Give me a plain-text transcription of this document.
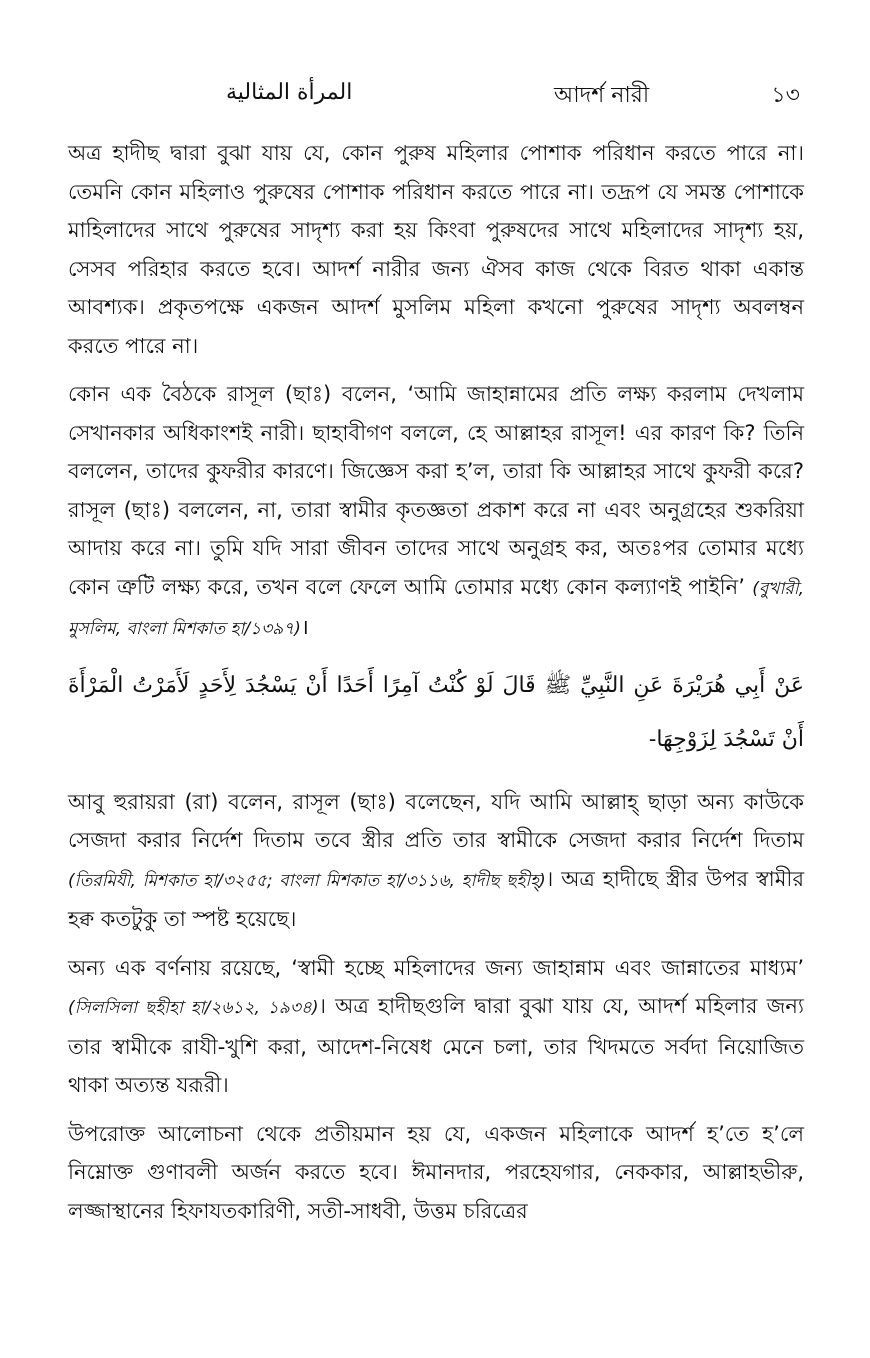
المرأة المثالية	আদর্শ নারী	১৩

অত্র হাদীছ দ্বারা বুঝা যায় যে, কোন পুরুষ মহিলার পোশাক পরিধান করতে পারে না। তেমনি কোন মহিলাও পুরুষের পোশাক পরিধান করতে পারে না। তদ্রূপ যে সমস্ত পোশাকে মাহিলাদের সাথে পুরুষের সাদৃশ্য করা হয় কিংবা পুরুষদের সাথে মহিলাদের সাদৃশ্য হয়, সেসব পরিহার করতে হবে। আদর্শ নারীর জন্য ঐসব কাজ থেকে বিরত থাকা একান্ত আবশ্যক। প্রকৃতপক্ষে একজন আদর্শ মুসলিম মহিলা কখনো পুরুষের সাদৃশ্য অবলম্বন করতে পারে না।

কোন এক বৈঠকে রাসূল (ছাঃ) বলেন, ‘আমি জাহান্নামের প্রতি লক্ষ্য করলাম দেখলাম সেখানকার অধিকাংশই নারী। ছাহাবীগণ বললে, হে আল্লাহর রাসূল! এর কারণ কি? তিনি বললেন, তাদের কুফরীর কারণে। জিজ্ঞেস করা হ’ল, তারা কি আল্লাহর সাথে কুফরী করে? রাসূল (ছাঃ) বললেন, না, তারা স্বামীর কৃতজ্ঞতা প্রকাশ করে না এবং অনুগ্রহের শুকরিয়া আদায় করে না। তুমি যদি সারা জীবন তাদের সাথে অনুগ্রহ কর, অতঃপর তোমার মধ্যে কোন ত্রুটি লক্ষ্য করে, তখন বলে ফেলে আমি তোমার মধ্যে কোন কল্যাণই পাইনি’ (বুখারী, মুসলিম, বাংলা মিশকাত হা/১৩৯৭)।

عَنْ أَبِي هُرَيْرَةَ عَنِ النَّبِيِّ ﷺ قَالَ لَوْ كُنْتُ آمِرًا أَحَدًا أَنْ يَسْجُدَ لِأَحَدٍ لَأَمَرْتُ الْمَرْأَةَ أَنْ تَسْجُدَ لِزَوْجِهَا-

আবু হুরায়রা (রা) বলেন, রাসূল (ছাঃ) বলেছেন, যদি আমি আল্লাহ্ ছাড়া অন্য কাউকে সেজদা করার নির্দেশ দিতাম তবে স্ত্রীর প্রতি তার স্বামীকে সেজদা করার নির্দেশ দিতাম (তিরমিযী, মিশকাত হা/৩২৫৫; বাংলা মিশকাত হা/৩১১৬, হাদীছ ছহীহ্)। অত্র হাদীছে স্ত্রীর উপর স্বামীর হক্ব কতটুকু তা স্পষ্ট হয়েছে।

অন্য এক বর্ণনায় রয়েছে, ‘স্বামী হচ্ছে মহিলাদের জন্য জাহান্নাম এবং জান্নাতের মাধ্যম’ (সিলসিলা ছহীহা হা/২৬১২, ১৯৩৪)। অত্র হাদীছগুলি দ্বারা বুঝা যায় যে, আদর্শ মহিলার জন্য তার স্বামীকে রাযী-খুশি করা, আদেশ-নিষেধ মেনে চলা, তার খিদমতে সর্বদা নিয়োজিত থাকা অত্যন্ত যরূরী।

উপরোক্ত আলোচনা থেকে প্রতীয়মান হয় যে, একজন মহিলাকে আদর্শ হ’তে হ’লে নিম্নোক্ত গুণাবলী অর্জন করতে হবে। ঈমানদার, পরহেযগার, নেককার, আল্লাহভীরু, লজ্জাস্থানের হিফাযতকারিণী, সতী-সাধবী, উত্তম চরিত্রের
